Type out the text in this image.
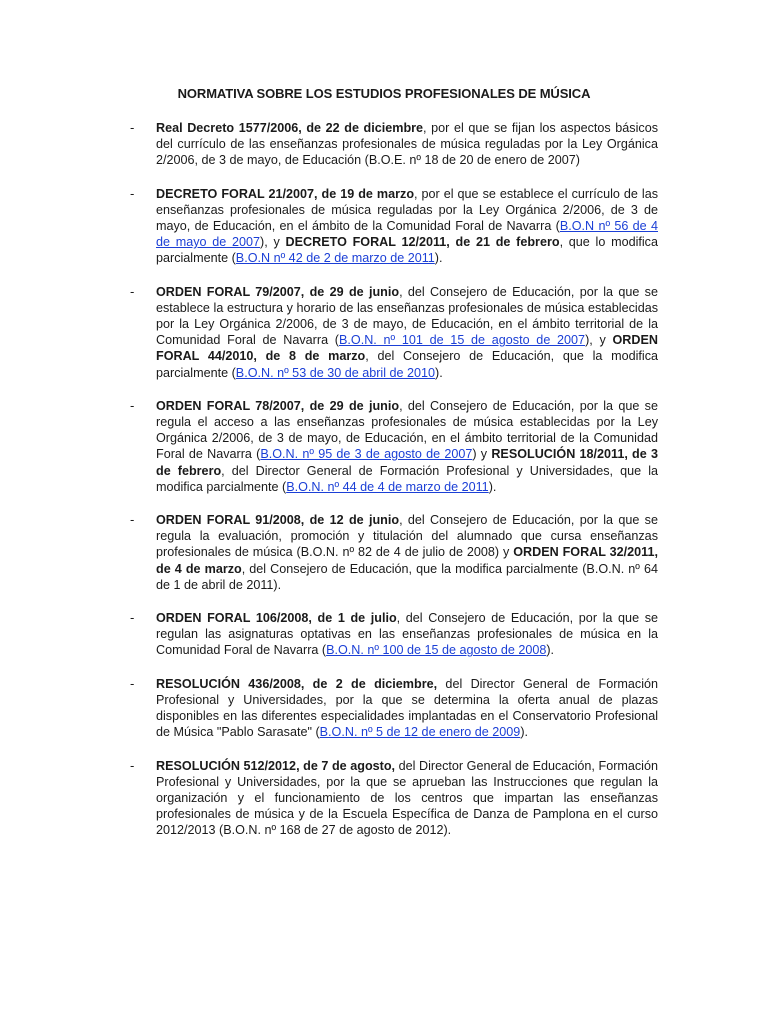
NORMATIVA SOBRE LOS ESTUDIOS PROFESIONALES DE MÚSICA
- Real Decreto 1577/2006, de 22 de diciembre, por el que se fijan los aspectos básicos del currículo de las enseñanzas profesionales de música reguladas por la Ley Orgánica 2/2006, de 3 de mayo, de Educación (B.O.E. nº 18 de 20 de enero de 2007)
- DECRETO FORAL 21/2007, de 19 de marzo, por el que se establece el currículo de las enseñanzas profesionales de música reguladas por la Ley Orgánica 2/2006, de 3 de mayo, de Educación, en el ámbito de la Comunidad Foral de Navarra (B.O.N nº 56 de 4 de mayo de 2007), y DECRETO FORAL 12/2011, de 21 de febrero, que lo modifica parcialmente (B.O.N nº 42 de 2 de marzo de 2011).
- ORDEN FORAL 79/2007, de 29 de junio, del Consejero de Educación, por la que se establece la estructura y horario de las enseñanzas profesionales de música establecidas por la Ley Orgánica 2/2006, de 3 de mayo, de Educación, en el ámbito territorial de la Comunidad Foral de Navarra (B.O.N. nº 101 de 15 de agosto de 2007), y ORDEN FORAL 44/2010, de 8 de marzo, del Consejero de Educación, que la modifica parcialmente (B.O.N. nº 53 de 30 de abril de 2010).
- ORDEN FORAL 78/2007, de 29 de junio, del Consejero de Educación, por la que se regula el acceso a las enseñanzas profesionales de música establecidas por la Ley Orgánica 2/2006, de 3 de mayo, de Educación, en el ámbito territorial de la Comunidad Foral de Navarra (B.O.N. nº 95 de 3 de agosto de 2007) y RESOLUCIÓN 18/2011, de 3 de febrero, del Director General de Formación Profesional y Universidades, que la modifica parcialmente (B.O.N. nº 44 de 4 de marzo de 2011).
- ORDEN FORAL 91/2008, de 12 de junio, del Consejero de Educación, por la que se regula la evaluación, promoción y titulación del alumnado que cursa enseñanzas profesionales de música (B.O.N. nº 82 de 4 de julio de 2008) y ORDEN FORAL 32/2011, de 4 de marzo, del Consejero de Educación, que la modifica parcialmente (B.O.N. nº 64 de 1 de abril de 2011).
- ORDEN FORAL 106/2008, de 1 de julio, del Consejero de Educación, por la que se regulan las asignaturas optativas en las enseñanzas profesionales de música en la Comunidad Foral de Navarra (B.O.N. nº 100 de 15 de agosto de 2008).
- RESOLUCIÓN 436/2008, de 2 de diciembre, del Director General de Formación Profesional y Universidades, por la que se determina la oferta anual de plazas disponibles en las diferentes especialidades implantadas en el Conservatorio Profesional de Música "Pablo Sarasate" (B.O.N. nº 5 de 12 de enero de 2009).
- RESOLUCIÓN 512/2012, de 7 de agosto, del Director General de Educación, Formación Profesional y Universidades, por la que se aprueban las Instrucciones que regulan la organización y el funcionamiento de los centros que impartan las enseñanzas profesionales de música y de la Escuela Específica de Danza de Pamplona en el curso 2012/2013 (B.O.N. nº 168 de 27 de agosto de 2012).
